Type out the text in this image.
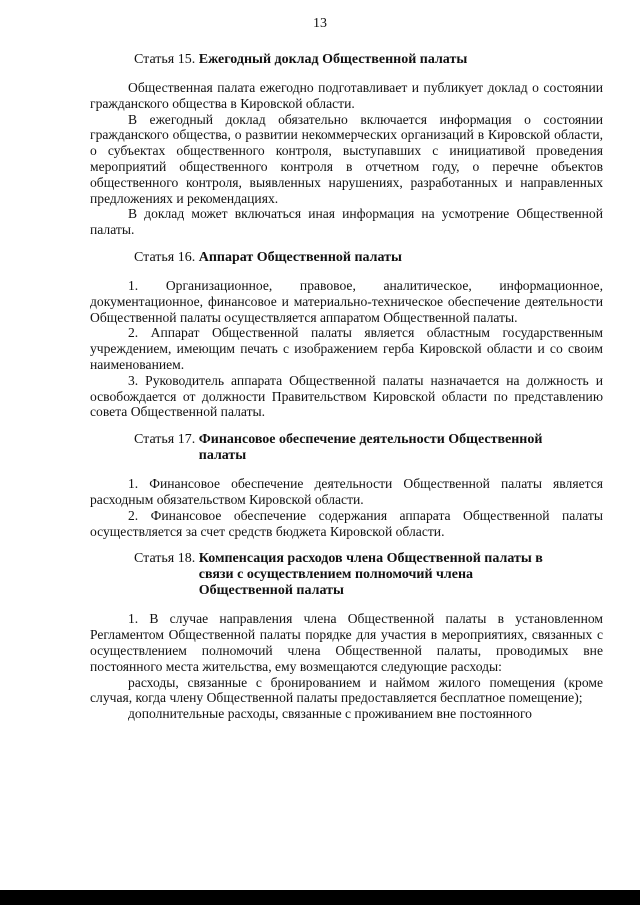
13
Статья 15. Ежегодный доклад Общественной палаты

Общественная палата ежегодно подготавливает и публикует доклад о состоянии гражданского общества в Кировской области.

В ежегодный доклад обязательно включается информация о состоянии гражданского общества, о развитии некоммерческих организаций в Кировской области, о субъектах общественного контроля, выступавших с инициативой проведения мероприятий общественного контроля в отчетном году, о перечне объектов общественного контроля, выявленных нарушениях, разработанных и направленных предложениях и рекомендациях.

В доклад может включаться иная информация на усмотрение Общественной палаты.

Статья 16. Аппарат Общественной палаты

1. Организационное, правовое, аналитическое, информационное, документационное, финансовое и материально-техническое обеспечение деятельности Общественной палаты осуществляется аппаратом Общественной палаты.

2. Аппарат Общественной палаты является областным государственным учреждением, имеющим печать с изображением герба Кировской области и со своим наименованием.

3. Руководитель аппарата Общественной палаты назначается на должность и освобождается от должности Правительством Кировской области по представлению совета Общественной палаты.

Статья 17. Финансовое обеспечение деятельности Общественной палаты

1. Финансовое обеспечение деятельности Общественной палаты является расходным обязательством Кировской области.

2. Финансовое обеспечение содержания аппарата Общественной палаты осуществляется за счет средств бюджета Кировской области.

Статья 18. Компенсация расходов члена Общественной палаты в связи с осуществлением полномочий члена Общественной палаты

1. В случае направления члена Общественной палаты в установленном Регламентом Общественной палаты порядке для участия в мероприятиях, связанных с осуществлением полномочий члена Общественной палаты, проводимых вне постоянного места жительства, ему возмещаются следующие расходы:

расходы, связанные с бронированием и наймом жилого помещения (кроме случая, когда члену Общественной палаты предоставляется бесплатное помещение);

дополнительные расходы, связанные с проживанием вне постоянного
